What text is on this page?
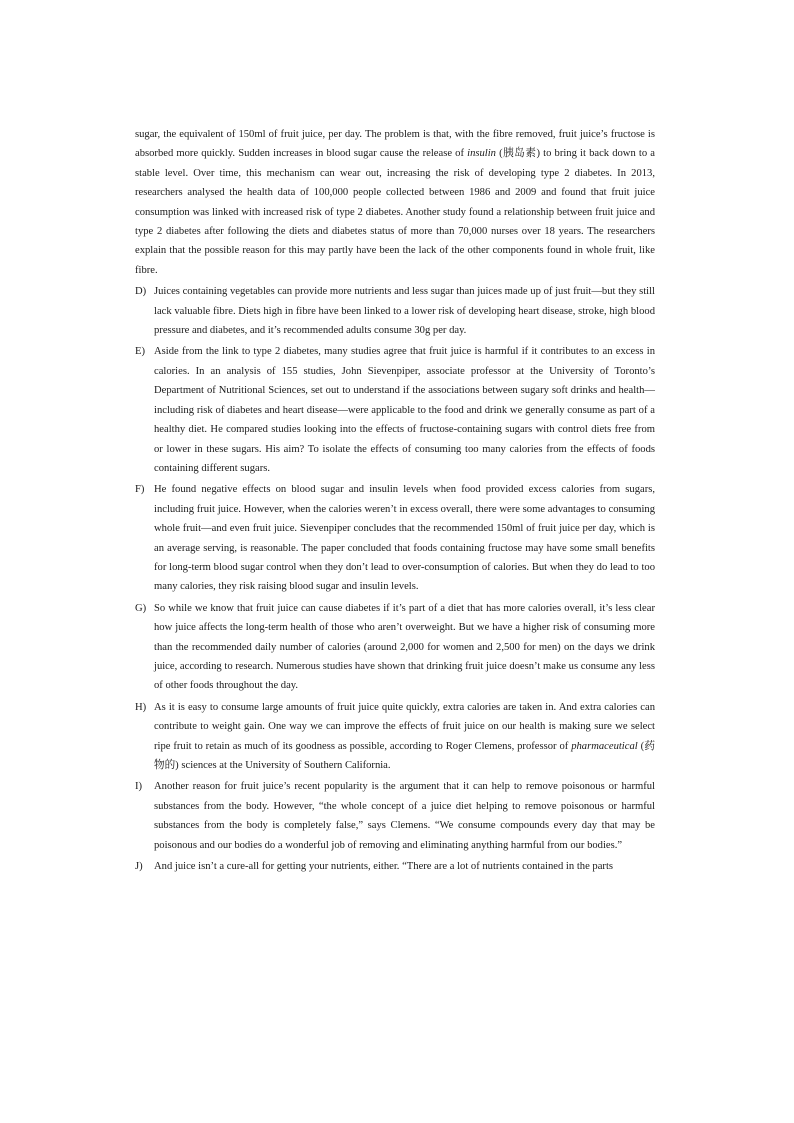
sugar, the equivalent of 150ml of fruit juice, per day. The problem is that, with the fibre removed, fruit juice’s fructose is absorbed more quickly. Sudden increases in blood sugar cause the release of insulin (胰岛素) to bring it back down to a stable level. Over time, this mechanism can wear out, increasing the risk of developing type 2 diabetes. In 2013, researchers analysed the health data of 100,000 people collected between 1986 and 2009 and found that fruit juice consumption was linked with increased risk of type 2 diabetes. Another study found a relationship between fruit juice and type 2 diabetes after following the diets and diabetes status of more than 70,000 nurses over 18 years. The researchers explain that the possible reason for this may partly have been the lack of the other components found in whole fruit, like fibre.

D) Juices containing vegetables can provide more nutrients and less sugar than juices made up of just fruit—but they still lack valuable fibre. Diets high in fibre have been linked to a lower risk of developing heart disease, stroke, high blood pressure and diabetes, and it’s recommended adults consume 30g per day.
E) Aside from the link to type 2 diabetes, many studies agree that fruit juice is harmful if it contributes to an excess in calories. In an analysis of 155 studies, John Sievenpiper, associate professor at the University of Toronto’s Department of Nutritional Sciences, set out to understand if the associations between sugary soft drinks and health—including risk of diabetes and heart disease—were applicable to the food and drink we generally consume as part of a healthy diet. He compared studies looking into the effects of fructose-containing sugars with control diets free from or lower in these sugars. His aim? To isolate the effects of consuming too many calories from the effects of foods containing different sugars.
F) He found negative effects on blood sugar and insulin levels when food provided excess calories from sugars, including fruit juice. However, when the calories weren’t in excess overall, there were some advantages to consuming whole fruit—and even fruit juice. Sievenpiper concludes that the recommended 150ml of fruit juice per day, which is an average serving, is reasonable. The paper concluded that foods containing fructose may have some small benefits for long-term blood sugar control when they don’t lead to over-consumption of calories. But when they do lead to too many calories, they risk raising blood sugar and insulin levels.
G) So while we know that fruit juice can cause diabetes if it’s part of a diet that has more calories overall, it’s less clear how juice affects the long-term health of those who aren’t overweight. But we have a higher risk of consuming more than the recommended daily number of calories (around 2,000 for women and 2,500 for men) on the days we drink juice, according to research. Numerous studies have shown that drinking fruit juice doesn’t make us consume any less of other foods throughout the day.
H) As it is easy to consume large amounts of fruit juice quite quickly, extra calories are taken in. And extra calories can contribute to weight gain. One way we can improve the effects of fruit juice on our health is making sure we select ripe fruit to retain as much of its goodness as possible, according to Roger Clemens, professor of pharmaceutical (药物的) sciences at the University of Southern California.
I)	Another reason for fruit juice’s recent popularity is the argument that it can help to remove poisonous or harmful substances from the body. However, “the whole concept of a juice diet helping to remove poisonous or harmful substances from the body is completely false,” says Clemens. “We consume compounds every day that may be poisonous and our bodies do a wonderful job of removing and eliminating anything harmful from our bodies.”
J)	And juice isn’t a cure-all for getting your nutrients, either. “There are a lot of nutrients contained in the parts
